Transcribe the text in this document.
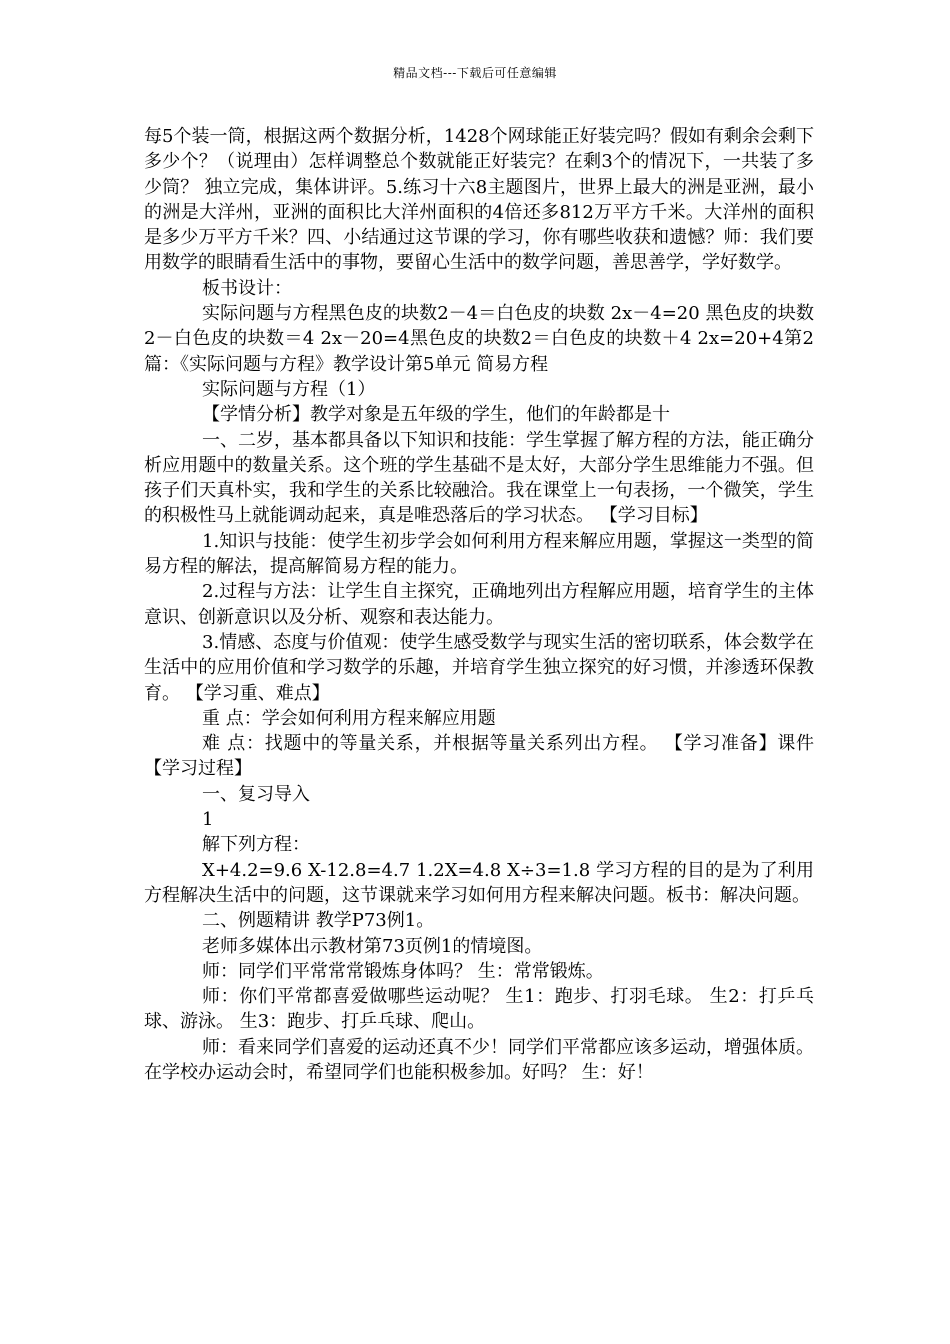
精品文档---下载后可任意编辑

每5个装一筒，根据这两个数据分析，1428个网球能正好装完吗？假如有剩余会剩下多少个？（说理由）怎样调整总个数就能正好装完？在剩3个的情况下，一共装了多少筒？ 独立完成，集体讲评。5.练习十六8主题图片，世界上最大的洲是亚洲，最小的洲是大洋州，亚洲的面积比大洋州面积的4倍还多812万平方千米。大洋州的面积是多少万平方千米？四、小结通过这节课的学习，你有哪些收获和遗憾？师：我们要用数学的眼睛看生活中的事物，要留心生活中的数学问题，善思善学，学好数学。

板书设计：

实际问题与方程黑色皮的块数2－4＝白色皮的块数 2x－4=20 黑色皮的块数2－白色皮的块数＝4 2x－20=4黑色皮的块数2＝白色皮的块数＋4 2x=20+4第2篇：《实际问题与方程》教学设计第5单元 简易方程

实际问题与方程（1）

【学情分析】教学对象是五年级的学生，他们的年龄都是十

一、二岁，基本都具备以下知识和技能：学生掌握了解方程的方法，能正确分析应用题中的数量关系。这个班的学生基础不是太好，大部分学生思维能力不强。但孩子们天真朴实，我和学生的关系比较融洽。我在课堂上一句表扬，一个微笑，学生的积极性马上就能调动起来，真是唯恐落后的学习状态。 【学习目标】

1.知识与技能：使学生初步学会如何利用方程来解应用题，掌握这一类型的简易方程的解法，提高解简易方程的能力。

2.过程与方法：让学生自主探究，正确地列出方程解应用题，培育学生的主体意识、创新意识以及分析、观察和表达能力。

3.情感、态度与价值观：使学生感受数学与现实生活的密切联系，体会数学在生活中的应用价值和学习数学的乐趣，并培育学生独立探究的好习惯，并渗透环保教育。 【学习重、难点】

重 点：学会如何利用方程来解应用题

难 点：找题中的等量关系，并根据等量关系列出方程。 【学习准备】课件 【学习过程】

一、复习导入

1

解下列方程：

X+4.2=9.6 X-12.8=4.7 1.2X=4.8 X÷3=1.8 学习方程的目的是为了利用方程解决生活中的问题，这节课就来学习如何用方程来解决问题。板书：解决问题。

二、例题精讲 教学P73例1。

老师多媒体出示教材第73页例1的情境图。

师：同学们平常常常锻炼身体吗？ 生：常常锻炼。

师：你们平常都喜爱做哪些运动呢？ 生1：跑步、打羽毛球。 生2：打乒乓球、游泳。 生3：跑步、打乒乓球、爬山。

师：看来同学们喜爱的运动还真不少！同学们平常都应该多运动，增强体质。在学校办运动会时，希望同学们也能积极参加。好吗？ 生：好！
